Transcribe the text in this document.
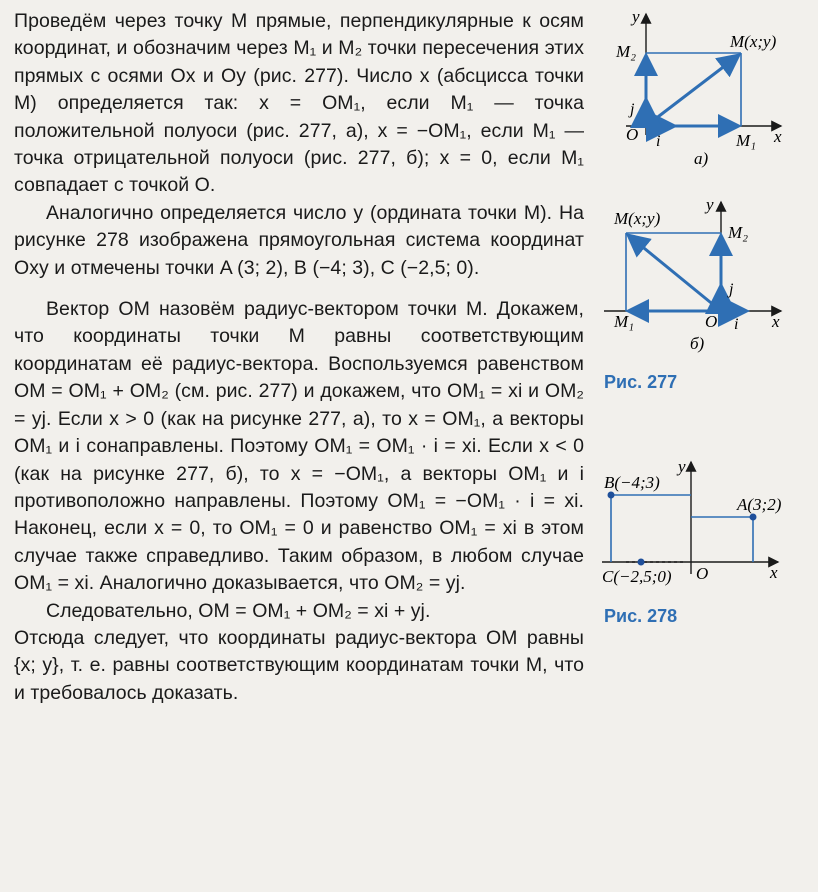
Проведём через точку M прямые, перпендикулярные к осям координат, и обозначим через M₁ и M₂ точки пересечения этих прямых с осями Ox и Oy (рис. 277). Число x (абсцисса точки M) определяется так: x = OM₁, если M₁ — точка положительной полуоси (рис. 277, а), x = −OM₁, если M₁ — точка отрицательной полуоси (рис. 277, б); x = 0, если M₁ совпадает с точкой O.

Аналогично определяется число y (ордината точки M). На рисунке 278 изображена прямоугольная система координат Oxy и отмечены точки A (3; 2), B (−4; 3), C (−2,5; 0).

Вектор OM назовём радиус-вектором точки M. Докажем, что координаты точки M равны соответствующим координатам её радиус-вектора. Воспользуемся равенством OM = OM₁ + OM₂ (см. рис. 277) и докажем, что OM₁ = xi и OM₂ = yj. Если x > 0 (как на рисунке 277, а), то x = OM₁, а векторы OM₁ и i сонаправлены. Поэтому OM₁ = OM₁ · i = xi. Если x < 0 (как на рисунке 277, б), то x = −OM₁, а векторы OM₁ и i противоположно направлены. Поэтому OM₁ = −OM₁ · i = xi. Наконец, если x = 0, то OM₁ = 0 и равенство OM₁ = xi в этом случае также справедливо. Таким образом, в любом случае OM₁ = xi. Аналогично доказывается, что OM₂ = yj.

Следовательно, OM = OM₁ + OM₂ = xi + yj.

Отсюда следует, что координаты радиус-вектора OM равны {x; y}, т. е. равны соответствующим координатам точки M, что и требовалось доказать.

y
x
M(x;y)
M₂
M₁
O i
j
а)
y
x
M(x;y)
M₂
M₁	O i
j
б)
Рис. 277
y
x
B(−4;3)
A(3;2)
C(−2,5;0) O
Рис. 278
